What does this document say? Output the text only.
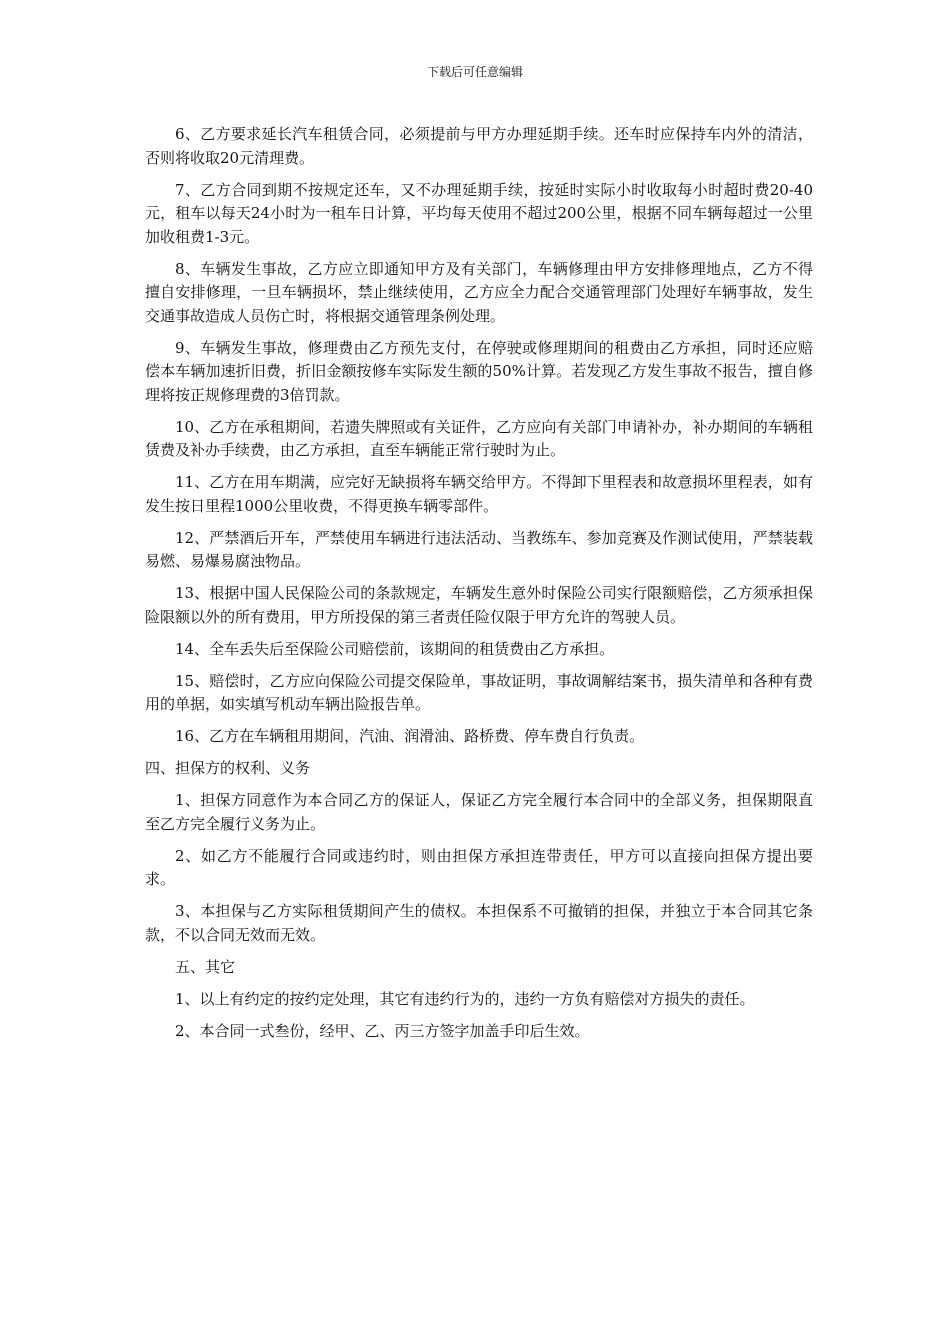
下载后可任意编辑

6、乙方要求延长汽车租赁合同，必须提前与甲方办理延期手续。还车时应保持车内外的清洁，否则将收取20元清理费。

7、乙方合同到期不按规定还车，又不办理延期手续，按延时实际小时收取每小时超时费20-40元，租车以每天24小时为一租车日计算，平均每天使用不超过200公里，根据不同车辆每超过一公里加收租费1-3元。

8、车辆发生事故，乙方应立即通知甲方及有关部门，车辆修理由甲方安排修理地点，乙方不得擅自安排修理，一旦车辆损坏，禁止继续使用，乙方应全力配合交通管理部门处理好车辆事故，发生交通事故造成人员伤亡时，将根据交通管理条例处理。

9、车辆发生事故，修理费由乙方预先支付，在停驶或修理期间的租费由乙方承担，同时还应赔偿本车辆加速折旧费，折旧金额按修车实际发生额的50%计算。若发现乙方发生事故不报告，擅自修理将按正规修理费的3倍罚款。

10、乙方在承租期间，若遗失牌照或有关证件，乙方应向有关部门申请补办，补办期间的车辆租赁费及补办手续费，由乙方承担，直至车辆能正常行驶时为止。

11、乙方在用车期满，应完好无缺损将车辆交给甲方。不得卸下里程表和故意损坏里程表，如有发生按日里程1000公里收费，不得更换车辆零部件。

12、严禁酒后开车，严禁使用车辆进行违法活动、当教练车、参加竞赛及作测试使用，严禁装载易燃、易爆易腐浊物品。

13、根据中国人民保险公司的条款规定，车辆发生意外时保险公司实行限额赔偿，乙方须承担保险限额以外的所有费用，甲方所投保的第三者责任险仅限于甲方允许的驾驶人员。

14、全车丢失后至保险公司赔偿前，该期间的租赁费由乙方承担。

15、赔偿时，乙方应向保险公司提交保险单，事故证明，事故调解结案书，损失清单和各种有费用的单据，如实填写机动车辆出险报告单。

16、乙方在车辆租用期间，汽油、润滑油、路桥费、停车费自行负责。

四、担保方的权利、义务

1、担保方同意作为本合同乙方的保证人，保证乙方完全履行本合同中的全部义务，担保期限直至乙方完全履行义务为止。

2、如乙方不能履行合同或违约时，则由担保方承担连带责任，甲方可以直接向担保方提出要求。

3、本担保与乙方实际租赁期间产生的债权。本担保系不可撤销的担保，并独立于本合同其它条款，不以合同无效而无效。

五、其它

1、以上有约定的按约定处理，其它有违约行为的，违约一方负有赔偿对方损失的责任。

2、本合同一式叁份，经甲、乙、丙三方签字加盖手印后生效。
